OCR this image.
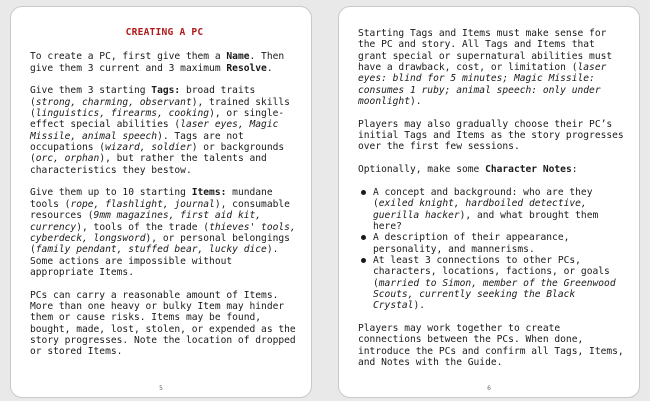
CREATING A PC

To create a PC, first give them a Name. Then give them 3 current and 3 maximum Resolve.

Give them 3 starting Tags: broad traits (strong, charming, observant), trained skills (linguistics, firearms, cooking), or single-effect special abilities (laser eyes, Magic Missile, animal speech). Tags are not occupations (wizard, soldier) or backgrounds (orc, orphan), but rather the talents and characteristics they bestow.

Give them up to 10 starting Items: mundane tools (rope, flashlight, journal), consumable resources (9mm magazines, first aid kit, currency), tools of the trade (thieves' tools, cyberdeck, longsword), or personal belongings (family pendant, stuffed bear, lucky dice). Some actions are impossible without appropriate Items.

PCs can carry a reasonable amount of Items. More than one heavy or bulky Item may hinder them or cause risks. Items may be found, bought, made, lost, stolen, or expended as the story progresses. Note the location of dropped or stored Items.

5

Starting Tags and Items must make sense for the PC and story. All Tags and Items that grant special or supernatural abilities must have a drawback, cost, or limitation (laser eyes: blind for 5 minutes; Magic Missile: consumes 1 ruby; animal speech: only under moonlight).

Players may also gradually choose their PC’s initial Tags and Items as the story progresses over the first few sessions.

Optionally, make some Character Notes:

A concept and background: who are they (exiled knight, hardboiled detective, guerilla hacker), and what brought them here?
A description of their appearance, personality, and mannerisms.
At least 3 connections to other PCs, characters, locations, factions, or goals (married to Simon, member of the Greenwood Scouts, currently seeking the Black Crystal).

Players may work together to create connections between the PCs. When done, introduce the PCs and confirm all Tags, Items, and Notes with the Guide.

6
